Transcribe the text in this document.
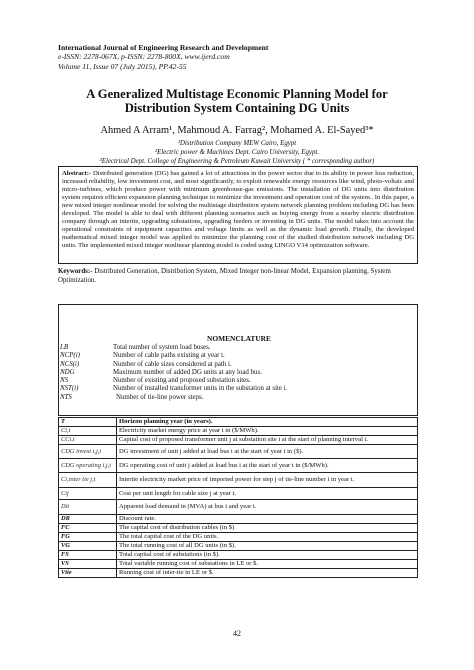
International Journal of Engineering Research and Development
e-ISSN: 2278-067X, p-ISSN: 2278-800X, www.ijerd.com
Volume 11, Issue 07 (July 2015), PP.42-55
A Generalized Multistage Economic Planning Model for
Distribution System Containing DG Units
Ahmed A Arram¹, Mahmoud A. Farrag², Mohamed A. El-Sayed³*
¹Distribution Company MEW Cairo, Egypt
²Electric power & Machines Dept. Cairo University, Egypt.
³Electrical Dept. College of Engineering & Petroleum Kuwait University ( * corresponding author)
Abstract:- Distributed generation (DG) has gained a lot of attractions in the power sector due to its ability in power loss reduction, increased reliability, low investment cost, and most significantly, to exploit renewable energy resources like wind, photo-voltaic and micro-turbines, which produce power with minimum greenhouse-gas emissions. The installation of DG units into distribution system requires efficient expansion planning technique to minimize the investment and operation cost of the system.. In this paper, a new mixed integer nonlinear model for solving the multistage distribution system network planning problem including DG has been developed. The model is able to deal with different planning scenarios such as buying energy from a nearby electric distribution company through an intertie, upgrading substations, upgrading feeders or investing in DG units. The model takes into account the operational constraints of equipment capacities and voltage limits as well as the dynamic load growth. Finally, the developed mathematical mixed integer model was applied to minimize the planning cost of the studied distribution network including DG units. The implemented mixed integer nonlinear planning model is coded using LINGO V14 optimization software.
Keywords:- Distributed Generation, Distribution System, Mixed Integer non-linear Model, Expansion planning, System Optimization.
NOMENCLATURE
LB	Total number of system load buses.
NCP(i)	Number of cable paths existing at year t.
NCS(i)	Number of cable sizes considered at path i.
NDG	Maximum number of added DG units at any load bus.
NS	Number of existing and proposed substation sites.
NST(i)	Number of installed transformer units in the substation at site i.
NTS	Number of tie-line power steps.
T	Horizon planning year (in years).
Ci,t	Electricity market energy price at year t in ($/MWh).
CCi,t	Capital cost of proposed transformer unit j at substation site i at the start of planning interval t.
CDG invest i,j,t	DG investment of unit j added at load bus i at the start of year t in ($).
CDG operating i,j,t	DG operating cost of unit j added at load bus i at the start of year t in ($/MWh).
Ci,inter tie j,t	Intertie electricity market price of imported power for step j of tie-line number i in year t.
Cij	Cost per unit length for cable size j at year t.
Dit	Apparent load demand in (MVA) at bus i and year t.
DR	Discount rate.
FC	The capital cost of distribution cables (in $)
FG	The total capital cost of the DG units.
VG	The total running cost of all DG units (in $).
FS	Total capital cost of substations (in $).
VS	Total variable running cost of substations in LE or $.
Vtie	Running cost of inter-tie in LE or $.
42
